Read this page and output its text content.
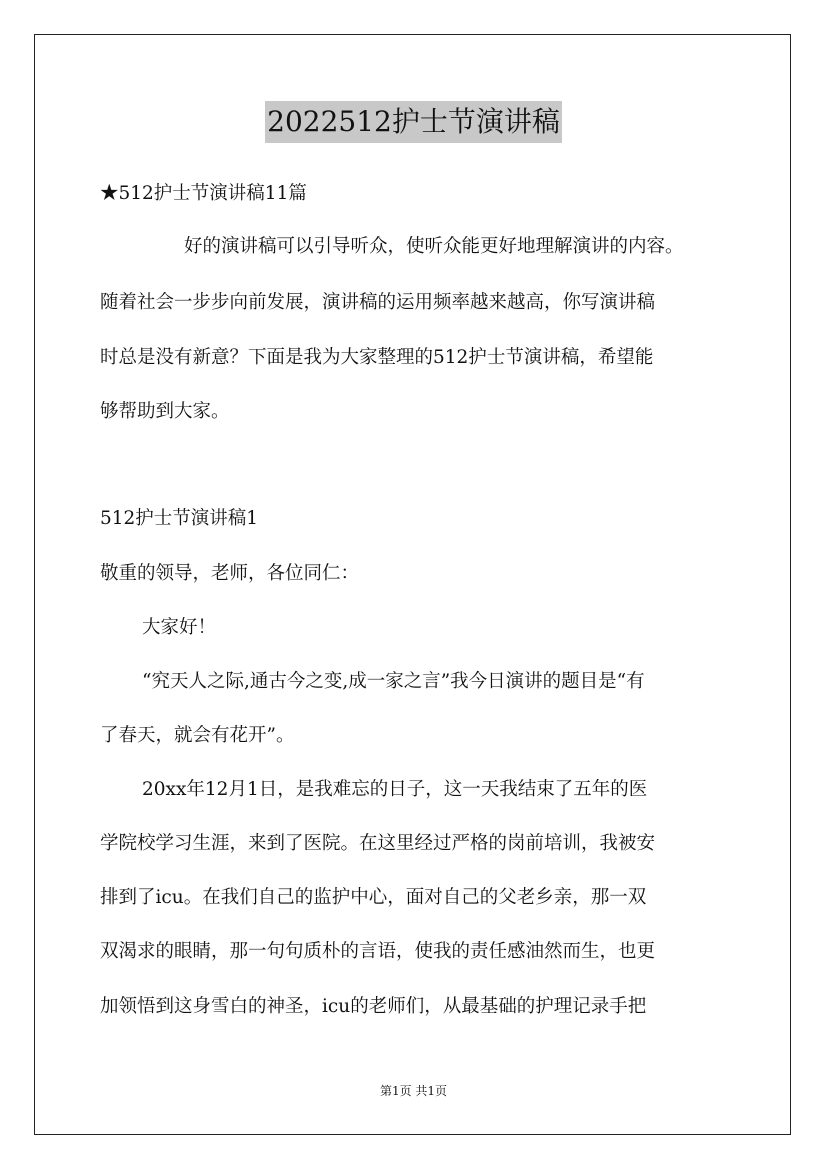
2022512护士节演讲稿
★512护士节演讲稿11篇
好的演讲稿可以引导听众，使听众能更好地理解演讲的内容。
随着社会一步步向前发展，演讲稿的运用频率越来越高，你写演讲稿
时总是没有新意？下面是我为大家整理的512护士节演讲稿，希望能
够帮助到大家。
512护士节演讲稿1
敬重的领导，老师，各位同仁：
大家好！
“究天人之际,通古今之变,成一家之言”我今日演讲的题目是“有
了春天，就会有花开”。
20xx年12月1日，是我难忘的日子，这一天我结束了五年的医
学院校学习生涯，来到了医院。在这里经过严格的岗前培训，我被安
排到了icu。在我们自己的监护中心，面对自己的父老乡亲，那一双
双渴求的眼睛，那一句句质朴的言语，使我的责任感油然而生，也更
加领悟到这身雪白的神圣，icu的老师们，从最基础的护理记录手把
第1页 共1页
